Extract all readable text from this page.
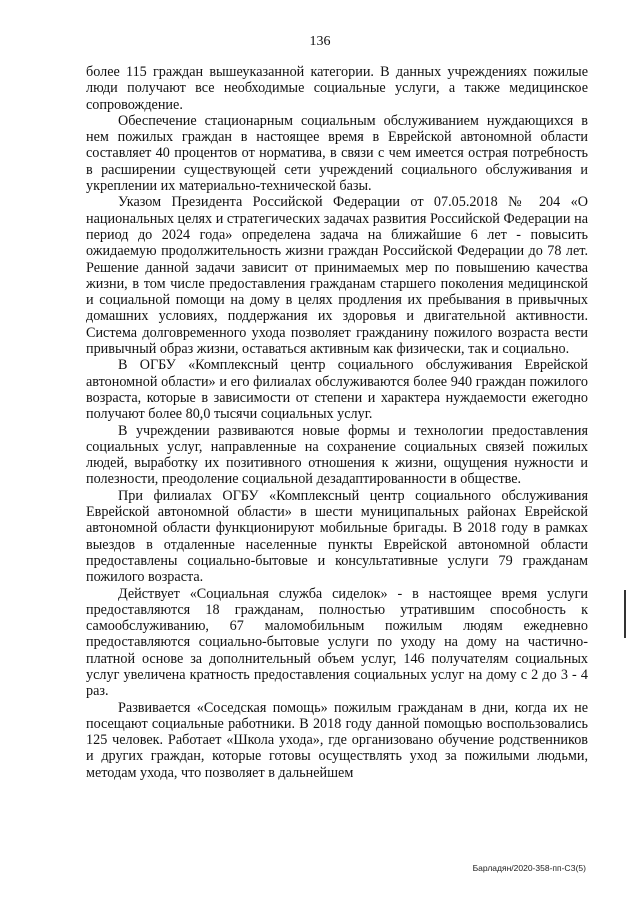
136

более 115 граждан вышеуказанной категории. В данных учреждениях пожилые люди получают все необходимые социальные услуги, а также медицинское сопровождение.

Обеспечение стационарным социальным обслуживанием нуждающихся в нем пожилых граждан в настоящее время в Еврейской автономной области составляет 40 процентов от норматива, в связи с чем имеется острая потребность в расширении существующей сети учреждений социального обслуживания и укреплении их материально-технической базы.

Указом Президента Российской Федерации от 07.05.2018 № 204 «О национальных целях и стратегических задачах развития Российской Федерации на период до 2024 года» определена задача на ближайшие 6 лет - повысить ожидаемую продолжительность жизни граждан Российской Федерации до 78 лет. Решение данной задачи зависит от принимаемых мер по повышению качества жизни, в том числе предоставления гражданам старшего поколения медицинской и социальной помощи на дому в целях продления их пребывания в привычных домашних условиях, поддержания их здоровья и двигательной активности. Система долговременного ухода позволяет гражданину пожилого возраста вести привычный образ жизни, оставаться активным как физически, так и социально.

В ОГБУ «Комплексный центр социального обслуживания Еврейской автономной области» и его филиалах обслуживаются более 940 граждан пожилого возраста, которые в зависимости от степени и характера нуждаемости ежегодно получают более 80,0 тысячи социальных услуг.

В учреждении развиваются новые формы и технологии предоставления социальных услуг, направленные на сохранение социальных связей пожилых людей, выработку их позитивного отношения к жизни, ощущения нужности и полезности, преодоление социальной дезадаптированности в обществе.

При филиалах ОГБУ «Комплексный центр социального обслуживания Еврейской автономной области» в шести муниципальных районах Еврейской автономной области функционируют мобильные бригады. В 2018 году в рамках выездов в отдаленные населенные пункты Еврейской автономной области предоставлены социально-бытовые и консультативные услуги 79 гражданам пожилого возраста.

Действует «Социальная служба сиделок» - в настоящее время услуги предоставляются 18 гражданам, полностью утратившим способность к самообслуживанию, 67 маломобильным пожилым людям ежедневно предоставляются социально-бытовые услуги по уходу на дому на частично-платной основе за дополнительный объем услуг, 146 получателям социальных услуг увеличена кратность предоставления социальных услуг на дому с 2 до 3 - 4 раз.

Развивается «Соседская помощь» пожилым гражданам в дни, когда их не посещают социальные работники. В 2018 году данной помощью воспользовались 125 человек. Работает «Школа ухода», где организовано обучение родственников и других граждан, которые готовы осуществлять уход за пожилыми людьми, методам ухода, что позволяет в дальнейшем

Барладян/2020-358-пп-СЗ(5)
